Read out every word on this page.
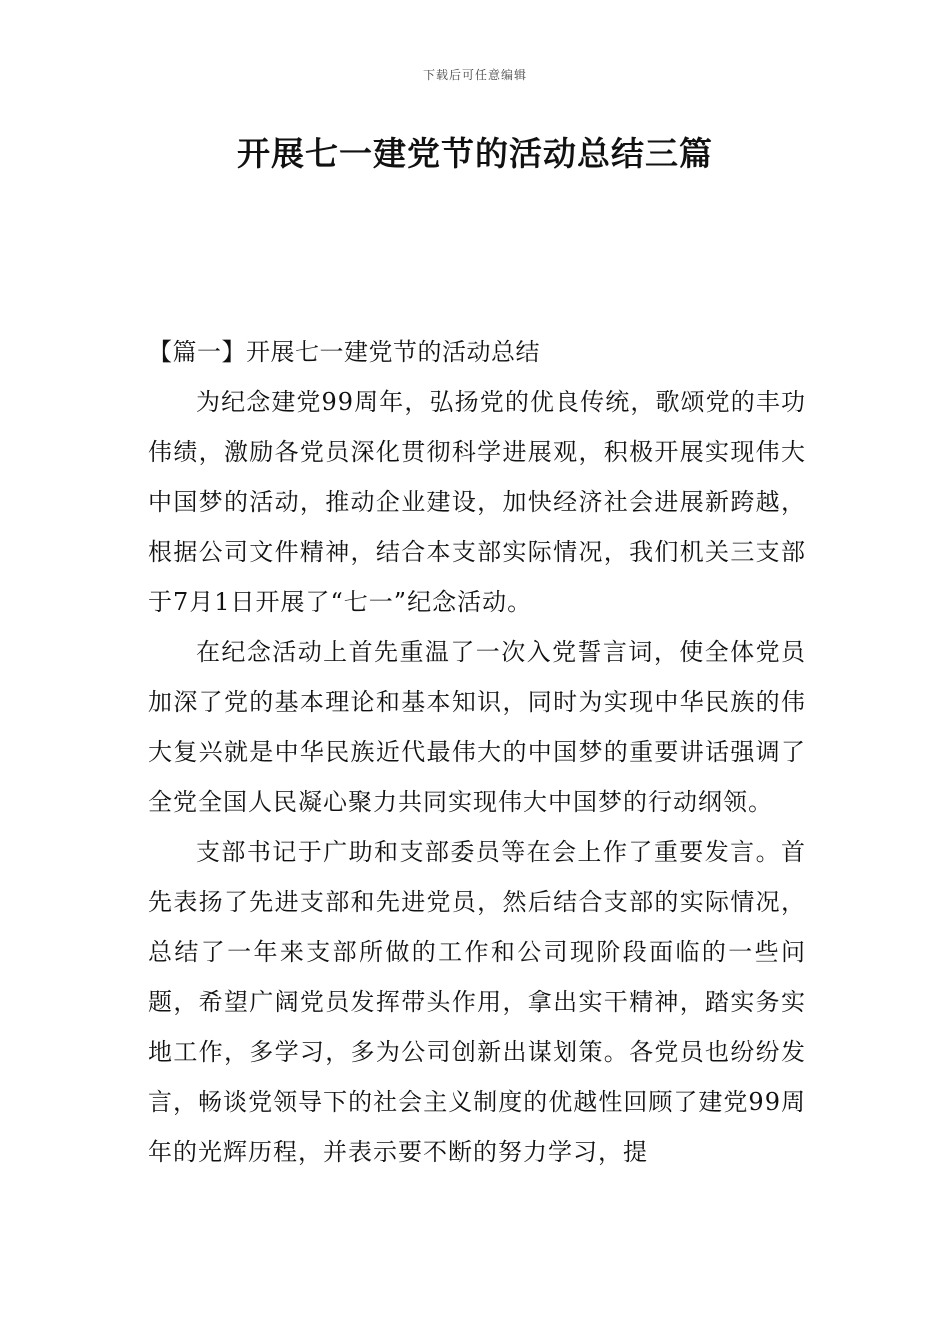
下载后可任意编辑
开展七一建党节的活动总结三篇

【篇一】开展七一建党节的活动总结

为纪念建党99周年，弘扬党的优良传统，歌颂党的丰功伟绩，激励各党员深化贯彻科学进展观，积极开展实现伟大中国梦的活动，推动企业建设，加快经济社会进展新跨越，根据公司文件精神，结合本支部实际情况，我们机关三支部于7月1日开展了“七一”纪念活动。

在纪念活动上首先重温了一次入党誓言词，使全体党员加深了党的基本理论和基本知识，同时为实现中华民族的伟大复兴就是中华民族近代最伟大的中国梦的重要讲话强调了全党全国人民凝心聚力共同实现伟大中国梦的行动纲领。

支部书记于广助和支部委员等在会上作了重要发言。首先表扬了先进支部和先进党员，然后结合支部的实际情况，总结了一年来支部所做的工作和公司现阶段面临的一些问题，希望广阔党员发挥带头作用，拿出实干精神，踏实务实地工作，多学习，多为公司创新出谋划策。各党员也纷纷发言，畅谈党领导下的社会主义制度的优越性回顾了建党99周年的光辉历程，并表示要不断的努力学习，提
